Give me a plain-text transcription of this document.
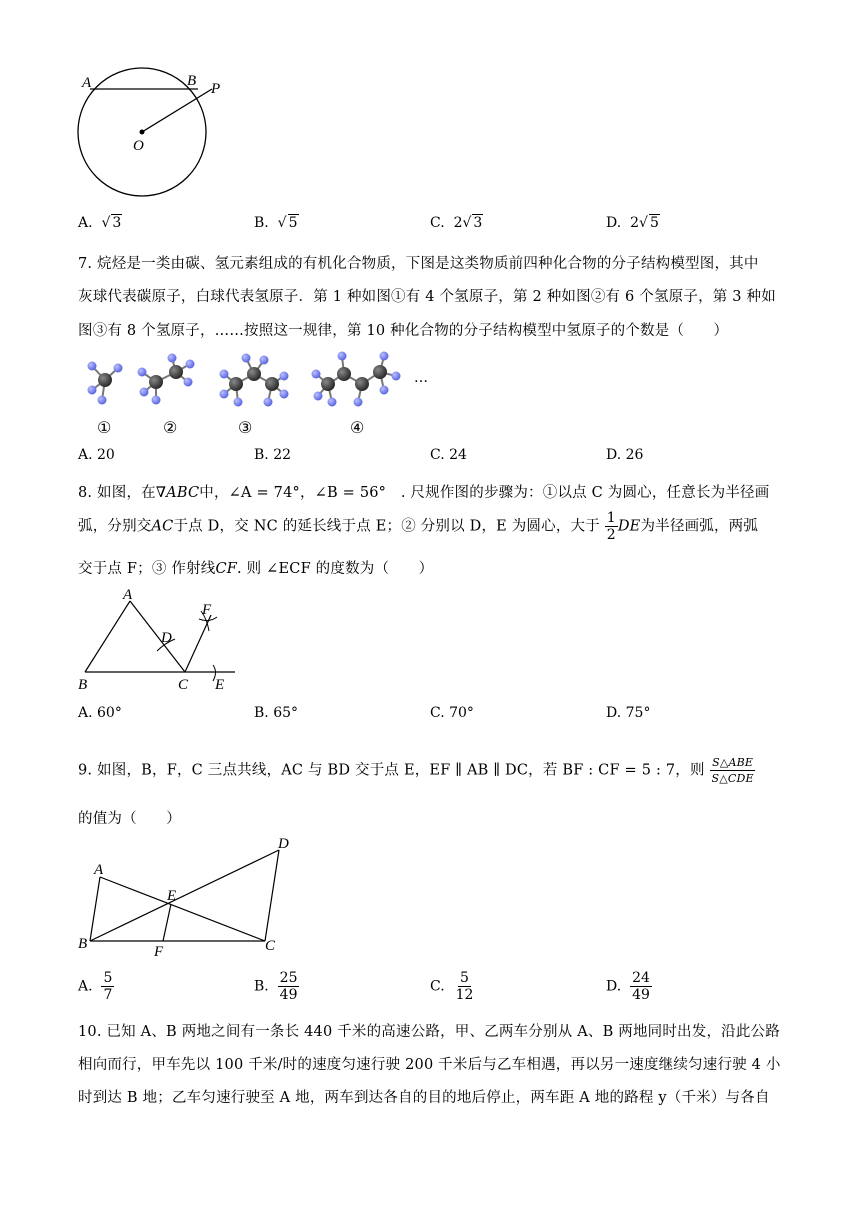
A	B P
O
A. √ 3	B. √ 5	C. 2√ 3	D. 2√ 5
7. 烷烃是一类由碳、氢元素组成的有机化合物质，下图是这类物质前四种化合物的分子结构模型图，其中
灰球代表碳原子，白球代表氢原子．第 1 种如图①有 4 个氢原子，第 2 种如图②有 6 个氢原子，第 3 种如
图③有 8 个氢原子，……按照这一规律，第 10 种化合物的分子结构模型中氢原子的个数是（　　）
…
①	②	③	④
A. 20	B. 22	C. 24	D. 26
8. 如图，在∇ABC中，∠A = 74°，∠B = 56°　. 尺规作图的步骤为：①以点 C 为圆心，任意长为半径画
弧，分别交AC于点 D，交 NC 的延长线于点 E；② 分别以 D，E 为圆心，大于 $\frac{1}{2}$ DE为半径画弧，两弧
交于点 F；③ 作射线CF. 则 ∠ECF 的度数为（　　）
A
B	C
D
E
F
A. 60°	B. 65°	C. 70°	D. 75°
9. 如图，B，F，C 三点共线，AC 与 BD 交于点 E，EF ∥ AB ∥ DC，若 BF : CF = 5 : 7，则 $\frac{\text{S△ABE}}{\text{S△CDE}}$
的值为（　　）
A
B	C
D
E
F
A. $\frac{5}{7}$	B. $\frac{25}{49}$	C. $\frac{5}{12}$	D. $\frac{24}{49}$
10. 已知 A、B 两地之间有一条长 440 千米的高速公路，甲、乙两车分别从 A、B 两地同时出发，沿此公路
相向而行，甲车先以 100 千米/时的速度匀速行驶 200 千米后与乙车相遇，再以另一速度继续匀速行驶 4 小
时到达 B 地；乙车匀速行驶至 A 地，两车到达各自的目的地后停止，两车距 A 地的路程 y（千米）与各自
